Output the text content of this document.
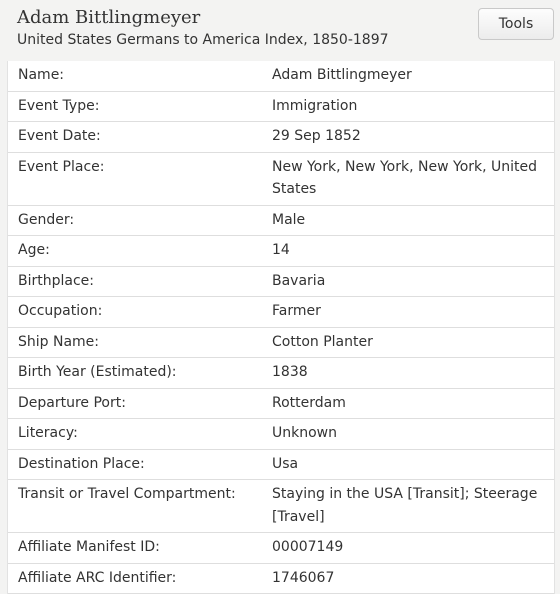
Adam Bittlingmeyer
United States Germans to America Index, 1850-1897
Tools
Name:	Adam Bittlingmeyer
Event Type:	Immigration
Event Date:	29 Sep 1852
Event Place:	New York, New York, New York, United States
Gender:	Male
Age:	14
Birthplace:	Bavaria
Occupation:	Farmer
Ship Name:	Cotton Planter
Birth Year (Estimated):	1838
Departure Port:	Rotterdam
Literacy:	Unknown
Destination Place:	Usa
Transit or Travel Compartment:	Staying in the USA [Transit]; Steerage [Travel]
Affiliate Manifest ID:	00007149
Affiliate ARC Identifier:	1746067
